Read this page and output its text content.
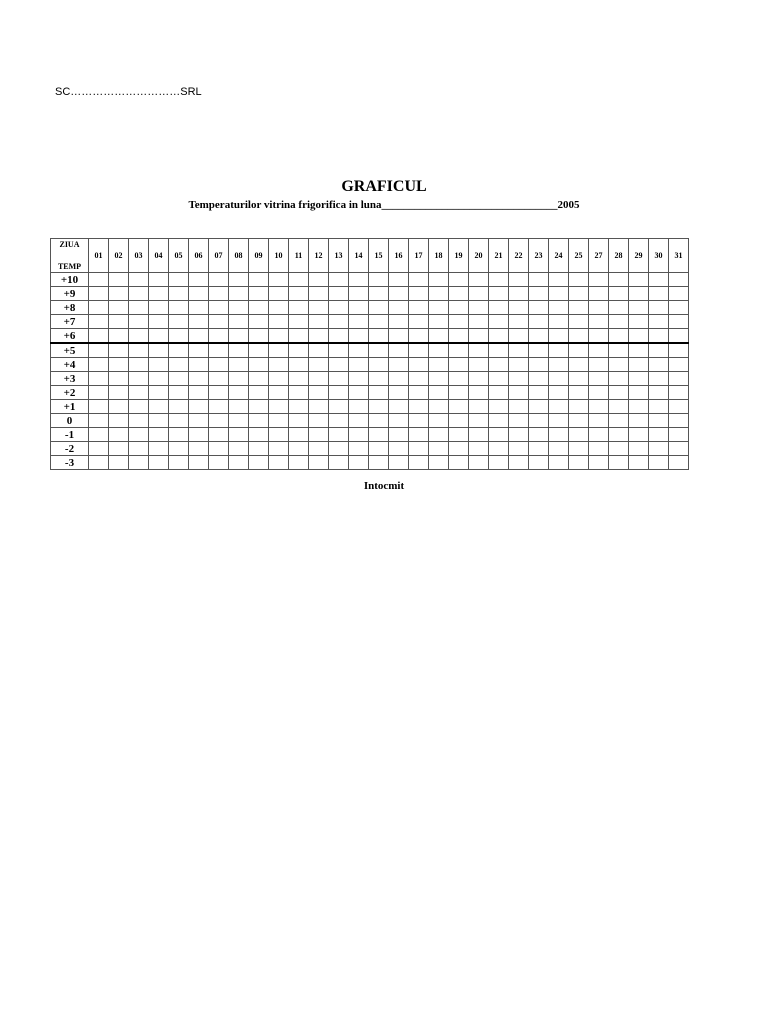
SC…………………………SRL
GRAFICUL
Temperaturilor vitrina frigorifica in luna________________________________2005
ZIUA
TEMP	01	02	03	04	05	06	07	08	09	10	11	12	13	14	15	16	17	18	19	20	21	22	23	24	25	27	28	29	30	31
+10																														
+9																														
+8																														
+7																														
+6																														
+5																														
+4																														
+3																														
+2																														
+1																														
0																														
-1																														
-2																														
-3																														
Intocmit
